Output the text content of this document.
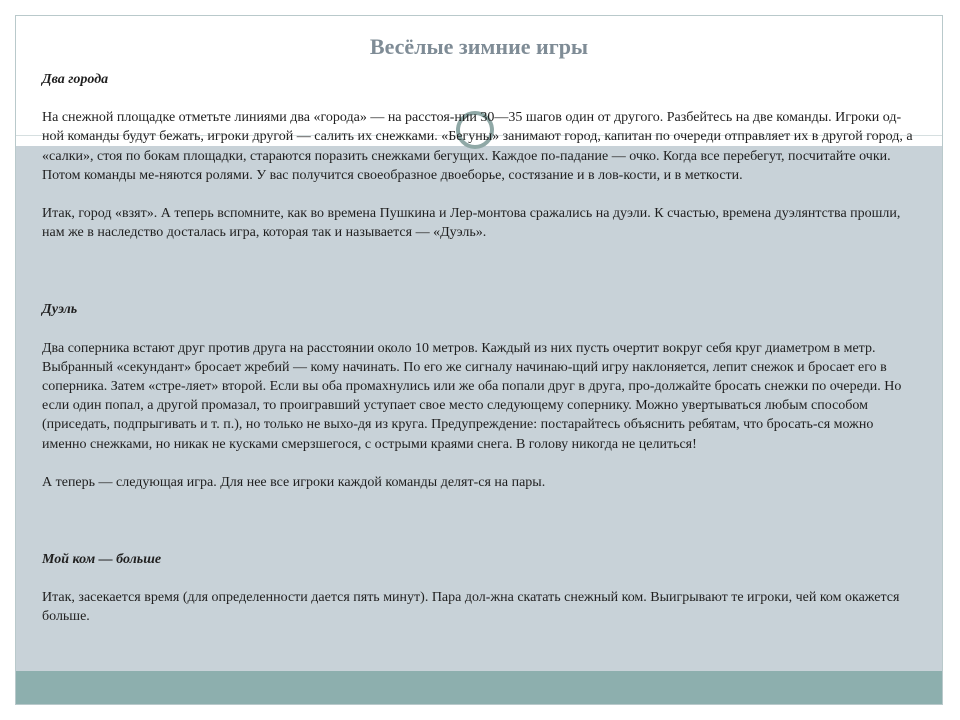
Весёлые зимние игры

Два города

На снежной площадке отметьте линиями два «города» — на расстоя-нии 30—35 шагов один от другого. Разбейтесь на две команды. Игроки од-ной команды будут бежать, игроки другой — салить их снежками. «Бегуны» занимают город, капитан по очереди отправляет их в другой город, а «салки», стоя по бокам площадки, стараются поразить снежками бегущих. Каждое по-падание — очко. Когда все перебегут, посчитайте очки. Потом команды ме-няются ролями. У вас получится своеобразное двоеборье, состязание и в лов-кости, и в меткости.

Итак, город «взят». А теперь вспомните, как во времена Пушкина и Лер-монтова сражались на дуэли. К счастью, времена дуэлянтства прошли, нам же в наследство досталась игра, которая так и называется — «Дуэль».

Дуэль

Два соперника встают друг против друга на расстоянии около 10 метров. Каждый из них пусть очертит вокруг себя круг диаметром в метр. Выбранный «секундант» бросает жребий — кому начинать. По его же сигналу начинаю-щий игру наклоняется, лепит снежок и бросает его в соперника. Затем «стре-ляет» второй. Если вы оба промахнулись или же оба попали друг в друга, про-должайте бросать снежки по очереди. Но если один попал, а другой промазал, то проигравший уступает свое место следующему сопернику. Можно увертываться любым способом (приседать, подпрыгивать и т. п.), но только не выхо-дя из круга. Предупреждение: постарайтесь объяснить ребятам, что бросать-ся можно именно снежками, но никак не кусками смерзшегося, с острыми краями снега. В голову никогда не целиться!

А теперь — следующая игра. Для нее все игроки каждой команды делят-ся на пары.

Мой ком — больше

Итак, засекается время (для определенности дается пять минут). Пара дол-жна скатать снежный ком. Выигрывают те игроки, чей ком окажется больше.
